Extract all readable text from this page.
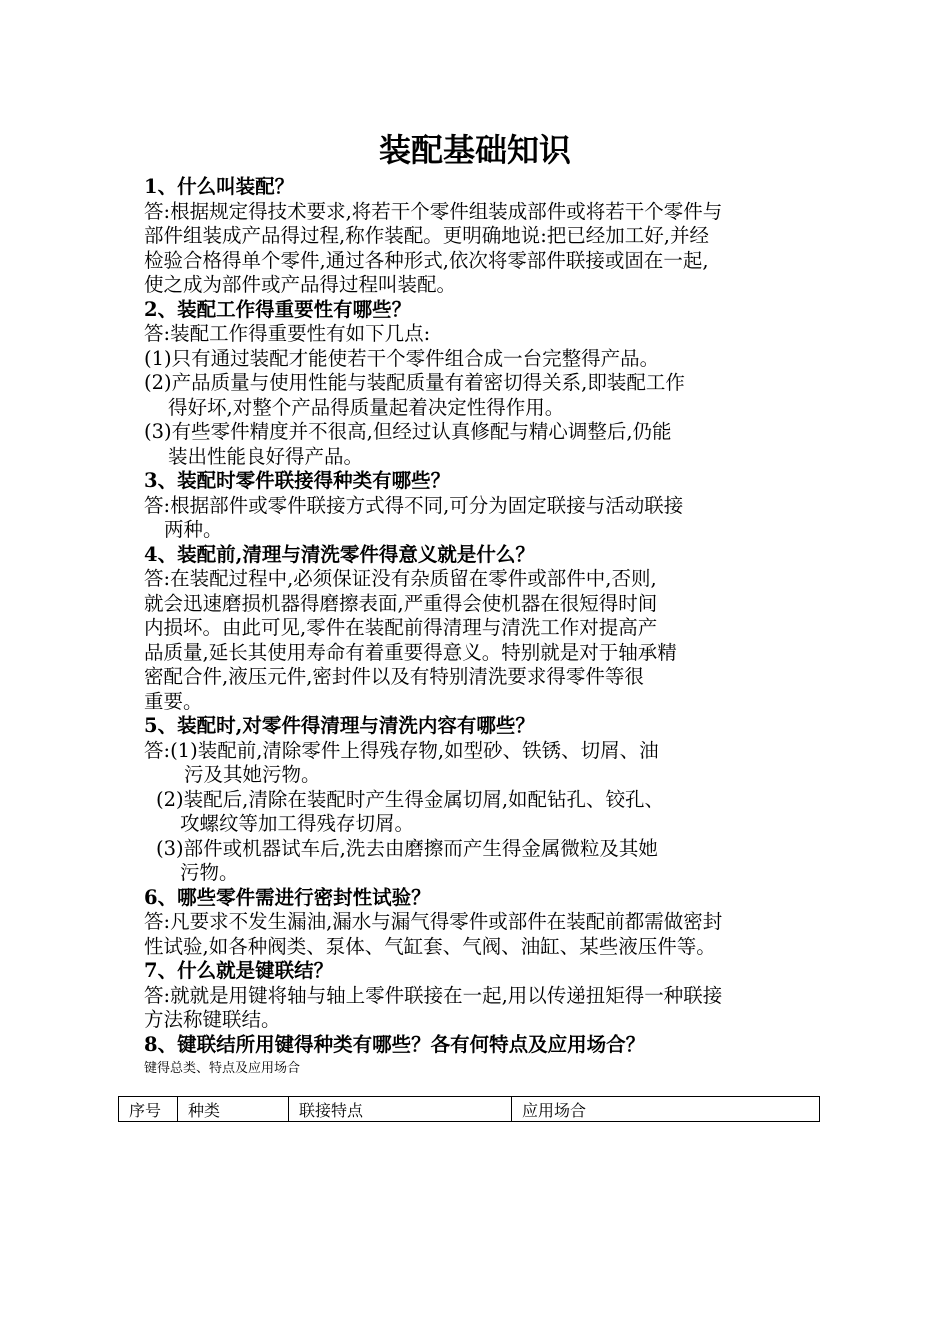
装配基础知识
1、什么叫装配？
答:根据规定得技术要求,将若干个零件组装成部件或将若干个零件与
部件组装成产品得过程,称作装配。更明确地说:把已经加工好,并经
检验合格得单个零件,通过各种形式,依次将零部件联接或固在一起,
使之成为部件或产品得过程叫装配。
2、装配工作得重要性有哪些？
答:装配工作得重要性有如下几点:
(1)只有通过装配才能使若干个零件组合成一台完整得产品。
(2)产品质量与使用性能与装配质量有着密切得关系,即装配工作
得好坏,对整个产品得质量起着决定性得作用。
(3)有些零件精度并不很高,但经过认真修配与精心调整后,仍能
装出性能良好得产品。
3、装配时零件联接得种类有哪些？
答:根据部件或零件联接方式得不同,可分为固定联接与活动联接
两种。
4、装配前,清理与清洗零件得意义就是什么？
答:在装配过程中,必须保证没有杂质留在零件或部件中,否则,
就会迅速磨损机器得磨擦表面,严重得会使机器在很短得时间
内损坏。由此可见,零件在装配前得清理与清洗工作对提高产
品质量,延长其使用寿命有着重要得意义。特别就是对于轴承精
密配合件,液压元件,密封件以及有特别清洗要求得零件等很
重要。
5、装配时,对零件得清理与清洗内容有哪些？
答:(1)装配前,清除零件上得残存物,如型砂、铁锈、切屑、油
污及其她污物。
(2)装配后,清除在装配时产生得金属切屑,如配钻孔、铰孔、
攻螺纹等加工得残存切屑。
(3)部件或机器试车后,洗去由磨擦而产生得金属微粒及其她
污物。
6、哪些零件需进行密封性试验？
答:凡要求不发生漏油,漏水与漏气得零件或部件在装配前都需做密封
性试验,如各种阀类、泵体、气缸套、气阀、油缸、某些液压件等。
7、什么就是键联结？
答:就就是用键将轴与轴上零件联接在一起,用以传递扭矩得一种联接
方法称键联结。
8、键联结所用键得种类有哪些？各有何特点及应用场合？
键得总类、特点及应用场合
序号	种类	联接特点	应用场合
